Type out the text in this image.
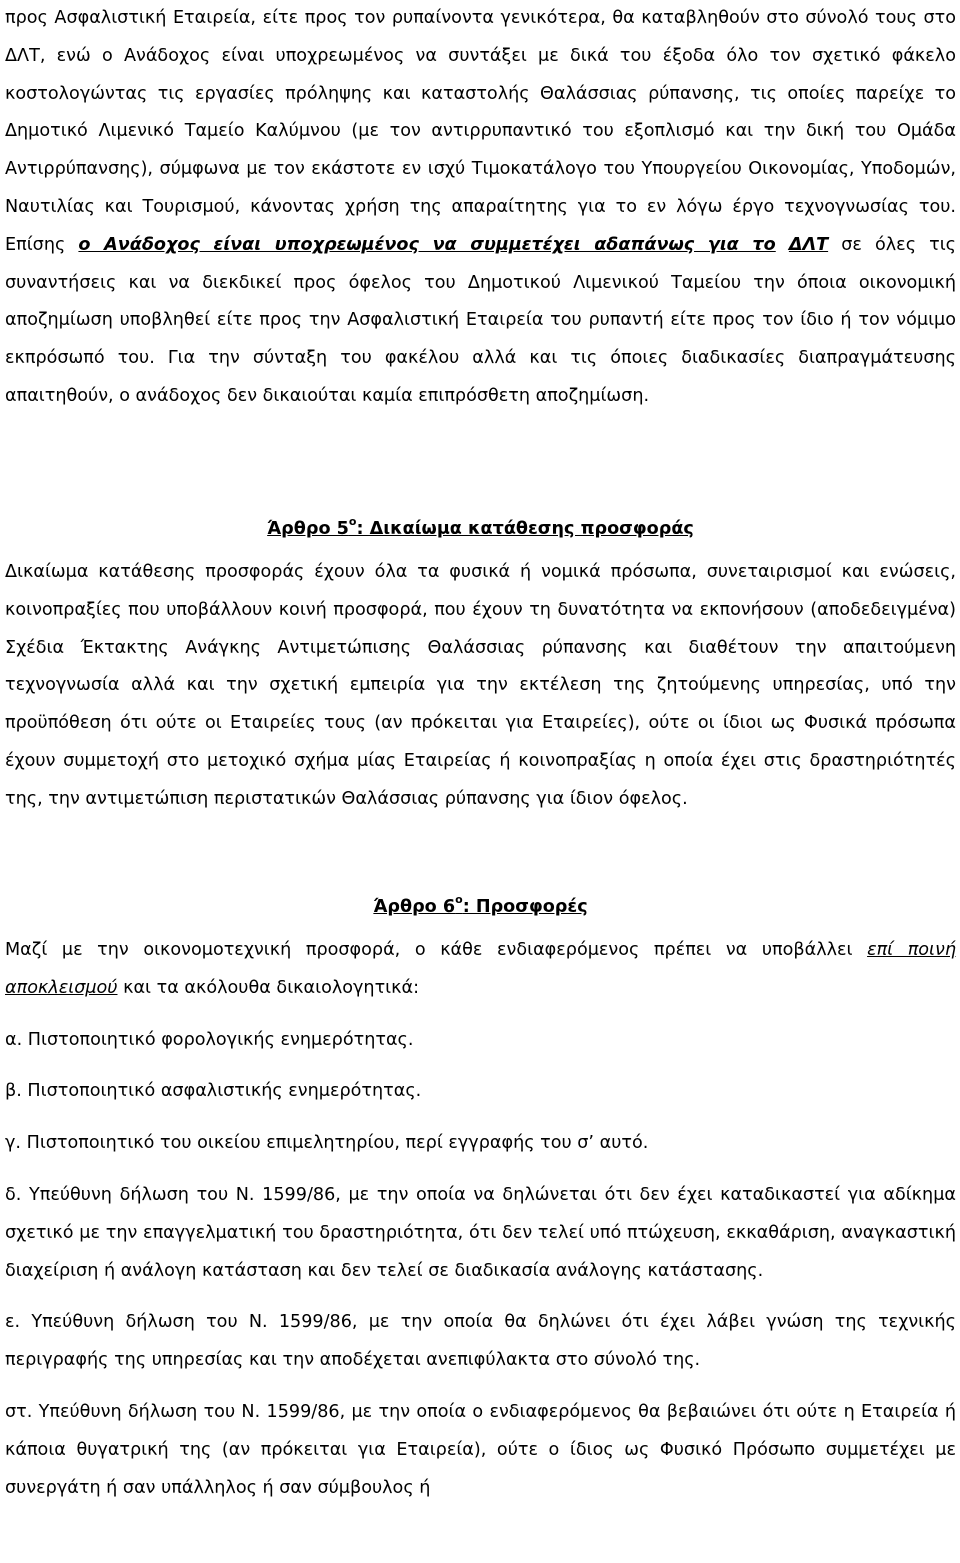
προς Ασφαλιστική Εταιρεία, είτε προς τον ρυπαίνοντα γενικότερα, θα καταβληθούν στο σύνολό τους στο ΔΛΤ, ενώ ο Ανάδοχος είναι υποχρεωμένος να συντάξει με δικά του έξοδα όλο τον σχετικό φάκελο κοστολογώντας τις εργασίες πρόληψης και καταστολής Θαλάσσιας ρύπανσης, τις οποίες παρείχε το Δημοτικό Λιμενικό Ταμείο Καλύμνου (με τον αντιρρυπαντικό του εξοπλισμό και την δική του Ομάδα Αντιρρύπανσης), σύμφωνα με τον εκάστοτε εν ισχύ Τιμοκατάλογο του Υπουργείου Οικονομίας, Υποδομών, Ναυτιλίας και Τουρισμού, κάνοντας χρήση της απαραίτητης για το εν λόγω έργο τεχνογνωσίας του. Επίσης ο Ανάδοχος είναι υποχρεωμένος να συμμετέχει αδαπάνως για το ΔΛΤ σε όλες τις συναντήσεις και να διεκδικεί προς όφελος του Δημοτικού Λιμενικού Ταμείου την όποια οικονομική αποζημίωση υποβληθεί είτε προς την Ασφαλιστική Εταιρεία του ρυπαντή είτε προς τον ίδιο ή τον νόμιμο εκπρόσωπό του. Για την σύνταξη του φακέλου αλλά και τις όποιες διαδικασίες διαπραγμάτευσης απαιτηθούν, ο ανάδοχος δεν δικαιούται καμία επιπρόσθετη αποζημίωση.

Άρθρο $5^o$: Δικαίωμα κατάθεσης προσφοράς

Δικαίωμα κατάθεσης προσφοράς έχουν όλα τα φυσικά ή νομικά πρόσωπα, συνεταιρισμοί και ενώσεις, κοινοπραξίες που υποβάλλουν κοινή προσφορά, που έχουν τη δυνατότητα να εκπονήσουν (αποδεδειγμένα) Σχέδια Έκτακτης Ανάγκης Αντιμετώπισης Θαλάσσιας ρύπανσης και διαθέτουν την απαιτούμενη τεχνογνωσία αλλά και την σχετική εμπειρία για την εκτέλεση της ζητούμενης υπηρεσίας, υπό την προϋπόθεση ότι ούτε οι Εταιρείες τους (αν πρόκειται για Εταιρείες), ούτε οι ίδιοι ως Φυσικά πρόσωπα έχουν συμμετοχή στο μετοχικό σχήμα μίας Εταιρείας ή κοινοπραξίας η οποία έχει στις δραστηριότητές της, την αντιμετώπιση περιστατικών Θαλάσσιας ρύπανσης για ίδιον όφελος.

Άρθρο $6^o$: Προσφορές

Μαζί με την οικονομοτεχνική προσφορά, ο κάθε ενδιαφερόμενος πρέπει να υποβάλλει επί ποινή αποκλεισμού και τα ακόλουθα δικαιολογητικά:

α. Πιστοποιητικό φορολογικής ενημερότητας.

β. Πιστοποιητικό ασφαλιστικής ενημερότητας.

γ. Πιστοποιητικό του οικείου επιμελητηρίου, περί εγγραφής του σ’ αυτό.

δ. Υπεύθυνη δήλωση του Ν. 1599/86, με την οποία να δηλώνεται ότι δεν έχει καταδικαστεί για αδίκημα σχετικό με την επαγγελματική του δραστηριότητα, ότι δεν τελεί υπό πτώχευση, εκκαθάριση, αναγκαστική διαχείριση ή ανάλογη κατάσταση και δεν τελεί σε διαδικασία ανάλογης κατάστασης.

ε. Υπεύθυνη δήλωση του Ν. 1599/86, με την οποία θα δηλώνει ότι έχει λάβει γνώση της τεχνικής περιγραφής της υπηρεσίας και την αποδέχεται ανεπιφύλακτα στο σύνολό της.

στ. Υπεύθυνη δήλωση του Ν. 1599/86, με την οποία ο ενδιαφερόμενος θα βεβαιώνει ότι ούτε η Εταιρεία ή κάποια θυγατρική της (αν πρόκειται για Εταιρεία), ούτε ο ίδιος ως Φυσικό Πρόσωπο συμμετέχει με συνεργάτη ή σαν υπάλληλος ή σαν σύμβουλος ή
